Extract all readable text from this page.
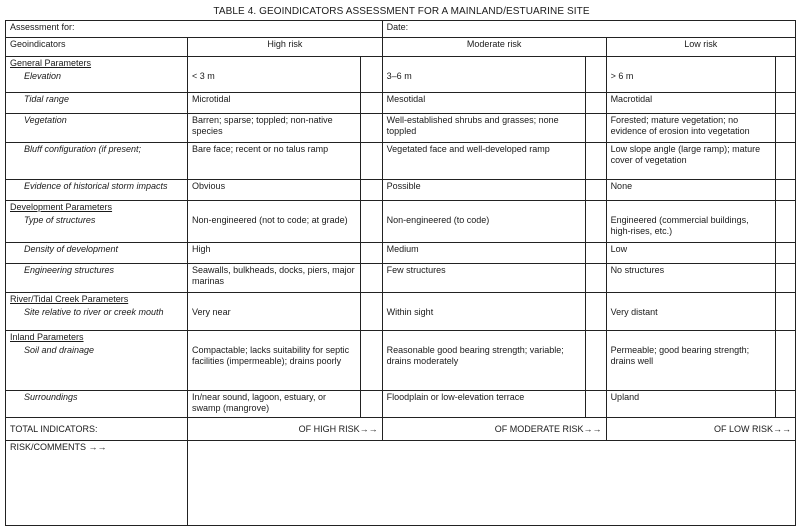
TABLE 4. GEOINDICATORS ASSESSMENT FOR A MAINLAND/ESTUARINE SITE
Assessment for:			Date:			
Geoindicators	High risk		Moderate risk		Low risk	
General Parameters						
Elevation	< 3 m		3–6 m		> 6 m	
Tidal range	Microtidal		Mesotidal		Macrotidal	
Vegetation	Barren; sparse; toppled; non-native species		Well-established shrubs and grasses; none toppled		Forested; mature vegetation; no evidence of erosion into vegetation	
Bluff configuration (if present;	Bare face; recent or no talus ramp		Vegetated face and well-developed ramp		Low slope angle (large ramp); mature cover of vegetation	
Evidence of historical storm impacts	Obvious		Possible		None	
Development Parameters						
Type of structures	Non-engineered (not to code; at grade)		Non-engineered (to code)		Engineered (commercial buildings, high-rises, etc.)	
Density of development	High		Medium		Low	
Engineering structures	Seawalls, bulkheads, docks, piers, major marinas		Few structures		No structures	
River/Tidal Creek Parameters						
Site relative to river or creek mouth	Very near		Within sight		Very distant	
Inland Parameters						
Soil and drainage	Compactable; lacks suitability for septic facilities (impermeable); drains poorly		Reasonable good bearing strength; variable; drains moderately		Permeable; good bearing strength; drains well	
Surroundings	In/near sound, lagoon, estuary, or swamp (mangrove)		Floodplain or low-elevation terrace		Upland	
TOTAL INDICATORS:	OF HIGH RISK→→		OF MODERATE RISK→→		OF LOW RISK→→	
RISK/COMMENTS →→						
